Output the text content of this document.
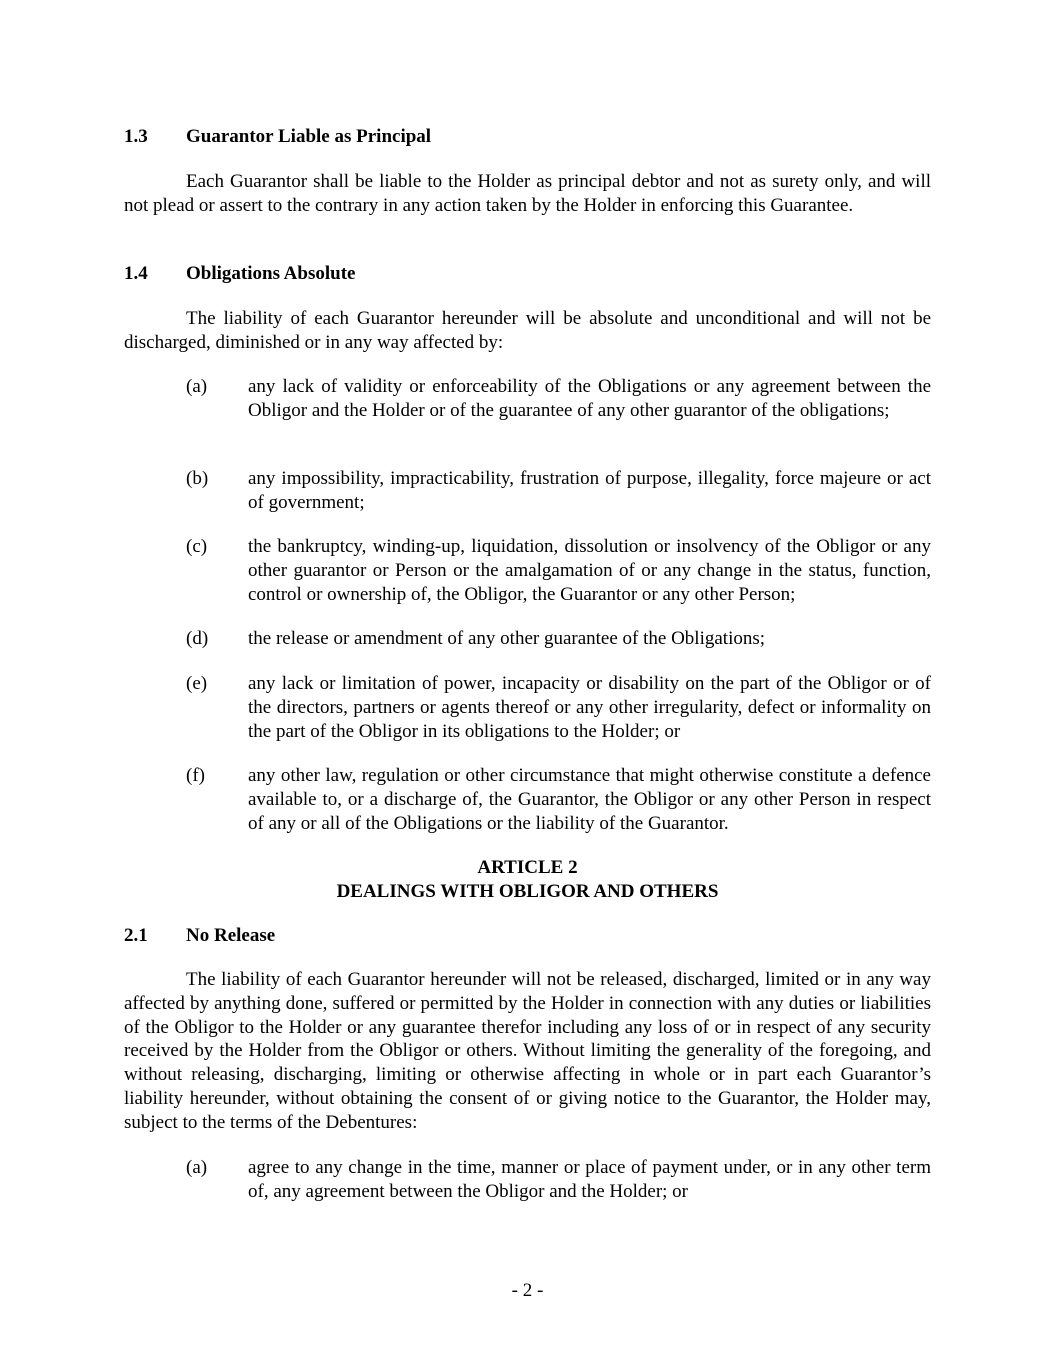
1.3 Guarantor Liable as Principal

Each Guarantor shall be liable to the Holder as principal debtor and not as surety only, and will not plead or assert to the contrary in any action taken by the Holder in enforcing this Guarantee.

1.4 Obligations Absolute

The liability of each Guarantor hereunder will be absolute and unconditional and will not be discharged, diminished or in any way affected by:

(a) any lack of validity or enforceability of the Obligations or any agreement between the Obligor and the Holder or of the guarantee of any other guarantor of the obligations;
(b) any impossibility, impracticability, frustration of purpose, illegality, force majeure or act of government;
(c) the bankruptcy, winding-up, liquidation, dissolution or insolvency of the Obligor or any other guarantor or Person or the amalgamation of or any change in the status, function, control or ownership of, the Obligor, the Guarantor or any other Person;
(d) the release or amendment of any other guarantee of the Obligations;
(e) any lack or limitation of power, incapacity or disability on the part of the Obligor or of the directors, partners or agents thereof or any other irregularity, defect or informality on the part of the Obligor in its obligations to the Holder; or
(f) any other law, regulation or other circumstance that might otherwise constitute a defence available to, or a discharge of, the Guarantor, the Obligor or any other Person in respect of any or all of the Obligations or the liability of the Guarantor.
ARTICLE 2
DEALINGS WITH OBLIGOR AND OTHERS
2.1 No Release

The liability of each Guarantor hereunder will not be released, discharged, limited or in any way affected by anything done, suffered or permitted by the Holder in connection with any duties or liabilities of the Obligor to the Holder or any guarantee therefor including any loss of or in respect of any security received by the Holder from the Obligor or others. Without limiting the generality of the foregoing, and without releasing, discharging, limiting or otherwise affecting in whole or in part each Guarantor’s liability hereunder, without obtaining the consent of or giving notice to the Guarantor, the Holder may, subject to the terms of the Debentures:

(a) agree to any change in the time, manner or place of payment under, or in any other term of, any agreement between the Obligor and the Holder; or
- 2 -
